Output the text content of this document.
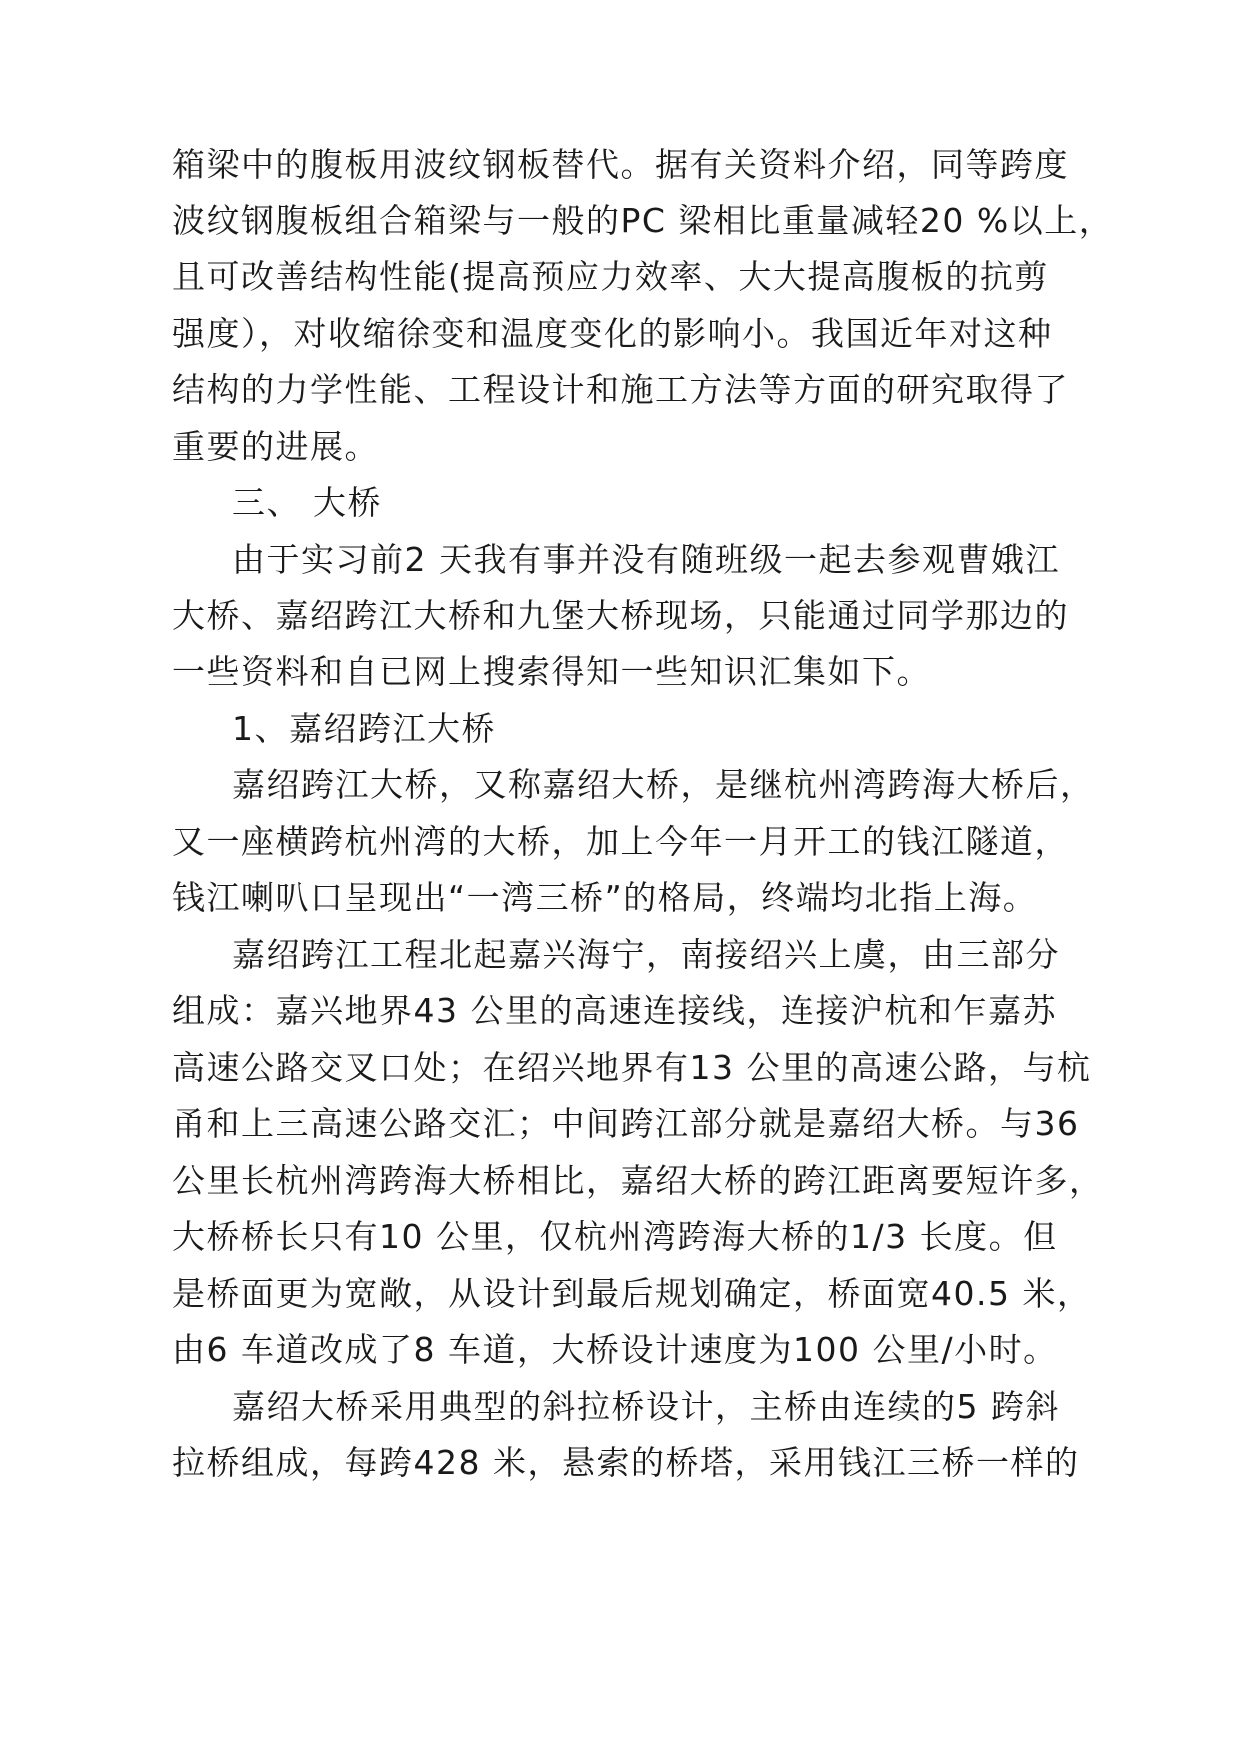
箱梁中的腹板用波纹钢板替代。据有关资料介绍，同等跨度
波纹钢腹板组合箱梁与一般的PC 梁相比重量减轻20 %以上，
且可改善结构性能(提高预应力效率、大大提高腹板的抗剪
强度），对收缩徐变和温度变化的影响小。我国近年对这种
结构的力学性能、工程设计和施工方法等方面的研究取得了
重要的进展。
三、 大桥
由于实习前2 天我有事并没有随班级一起去参观曹娥江
大桥、嘉绍跨江大桥和九堡大桥现场，只能通过同学那边的
一些资料和自已网上搜索得知一些知识汇集如下。
1、嘉绍跨江大桥
嘉绍跨江大桥，又称嘉绍大桥，是继杭州湾跨海大桥后，
又一座横跨杭州湾的大桥，加上今年一月开工的钱江隧道，
钱江喇叭口呈现出“一湾三桥”的格局，终端均北指上海。
嘉绍跨江工程北起嘉兴海宁，南接绍兴上虞，由三部分
组成：嘉兴地界43 公里的高速连接线，连接沪杭和乍嘉苏
高速公路交叉口处；在绍兴地界有13 公里的高速公路，与杭
甬和上三高速公路交汇；中间跨江部分就是嘉绍大桥。与36
公里长杭州湾跨海大桥相比，嘉绍大桥的跨江距离要短许多，
大桥桥长只有10 公里，仅杭州湾跨海大桥的1/3 长度。但
是桥面更为宽敞，从设计到最后规划确定，桥面宽40.5 米，
由6 车道改成了8 车道，大桥设计速度为100 公里/小时。
嘉绍大桥采用典型的斜拉桥设计，主桥由连续的5 跨斜
拉桥组成，每跨428 米，悬索的桥塔，采用钱江三桥一样的
